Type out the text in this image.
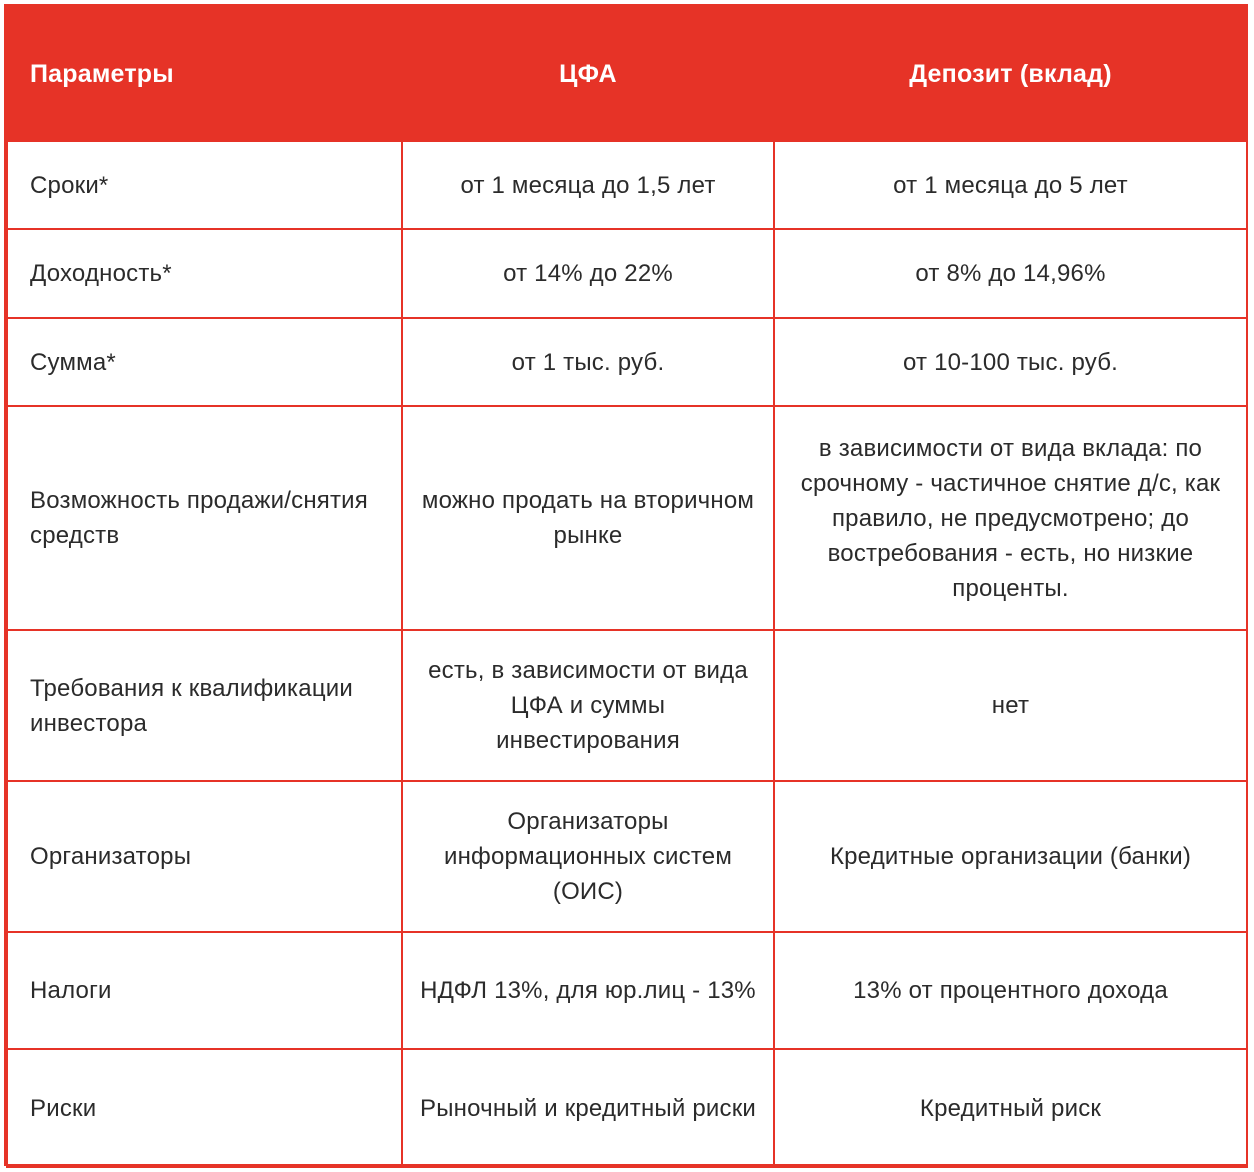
Параметры	ЦФА	Депозит (вклад)
Сроки*	от 1 месяца до 1,5 лет	от 1 месяца до 5 лет
Доходность*	от 14% до 22%	от 8% до 14,96%
Сумма*	от 1 тыс. руб.	от 10-100 тыс. руб.
Возможность продажи/снятия средств	можно продать на вторичном рынке	в зависимости от вида вклада: по срочному - частичное снятие д/с, как правило, не предусмотрено; до востребования - есть, но низкие проценты.
Требования к квалификации инвестора	есть, в зависимости от вида ЦФА и суммы инвестирования	нет
Организаторы	Организаторы информационных систем (ОИС)	Кредитные организации (банки)
Налоги	НДФЛ 13%, для юр.лиц - 13%	13% от процентного дохода
Риски	Рыночный и кредитный риски	Кредитный риск
